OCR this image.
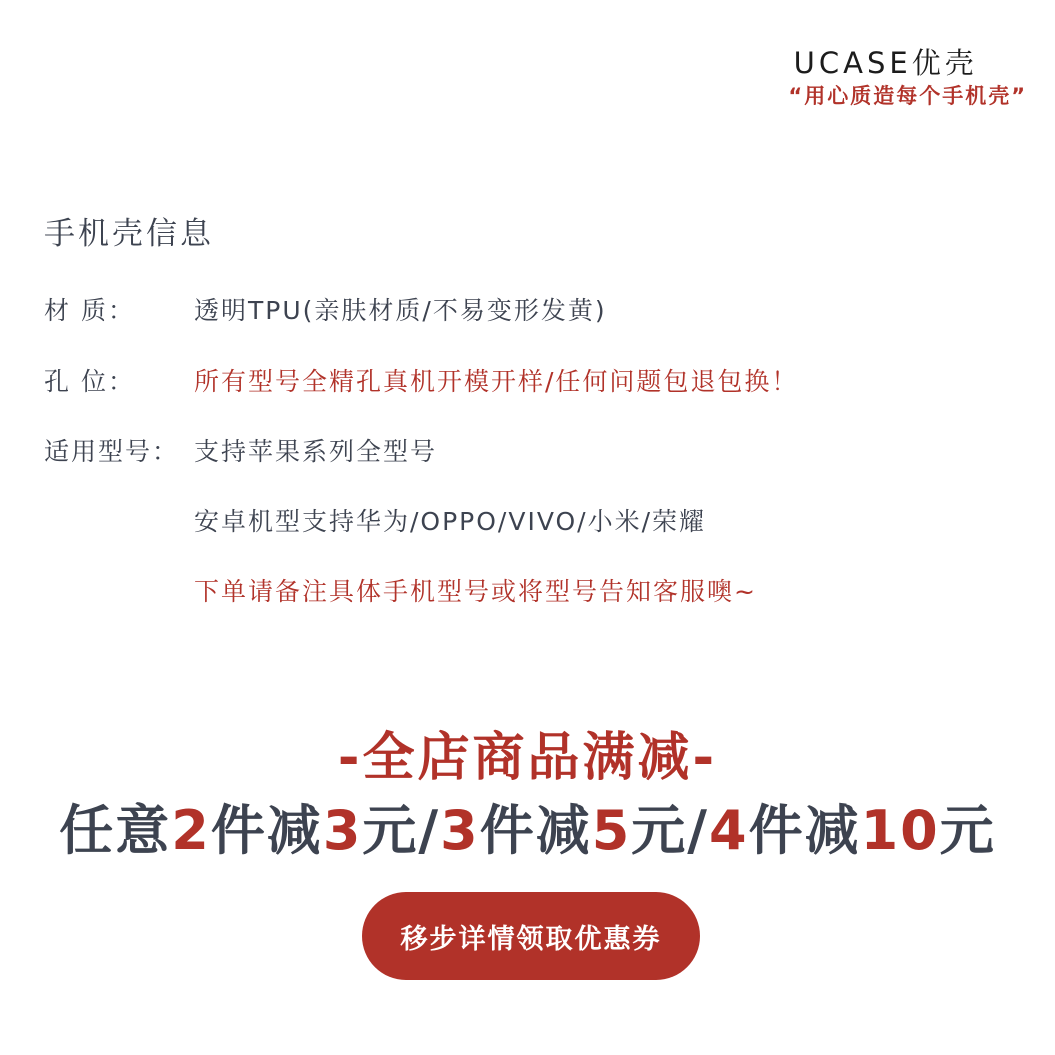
UCASE优壳
“用心质造每个手机壳”
手机壳信息
材 质：	透明TPU(亲肤材质/不易变形发黄)
孔 位：	所有型号全精孔真机开模开样/任何问题包退包换！
适用型号： 支持苹果系列全型号
安卓机型支持华为/OPPO/VIVO/小米/荣耀
下单请备注具体手机型号或将型号告知客服噢~
-全店商品满减-
任意2件减3元/3件减5元/4件减10元
移步详情领取优惠券
